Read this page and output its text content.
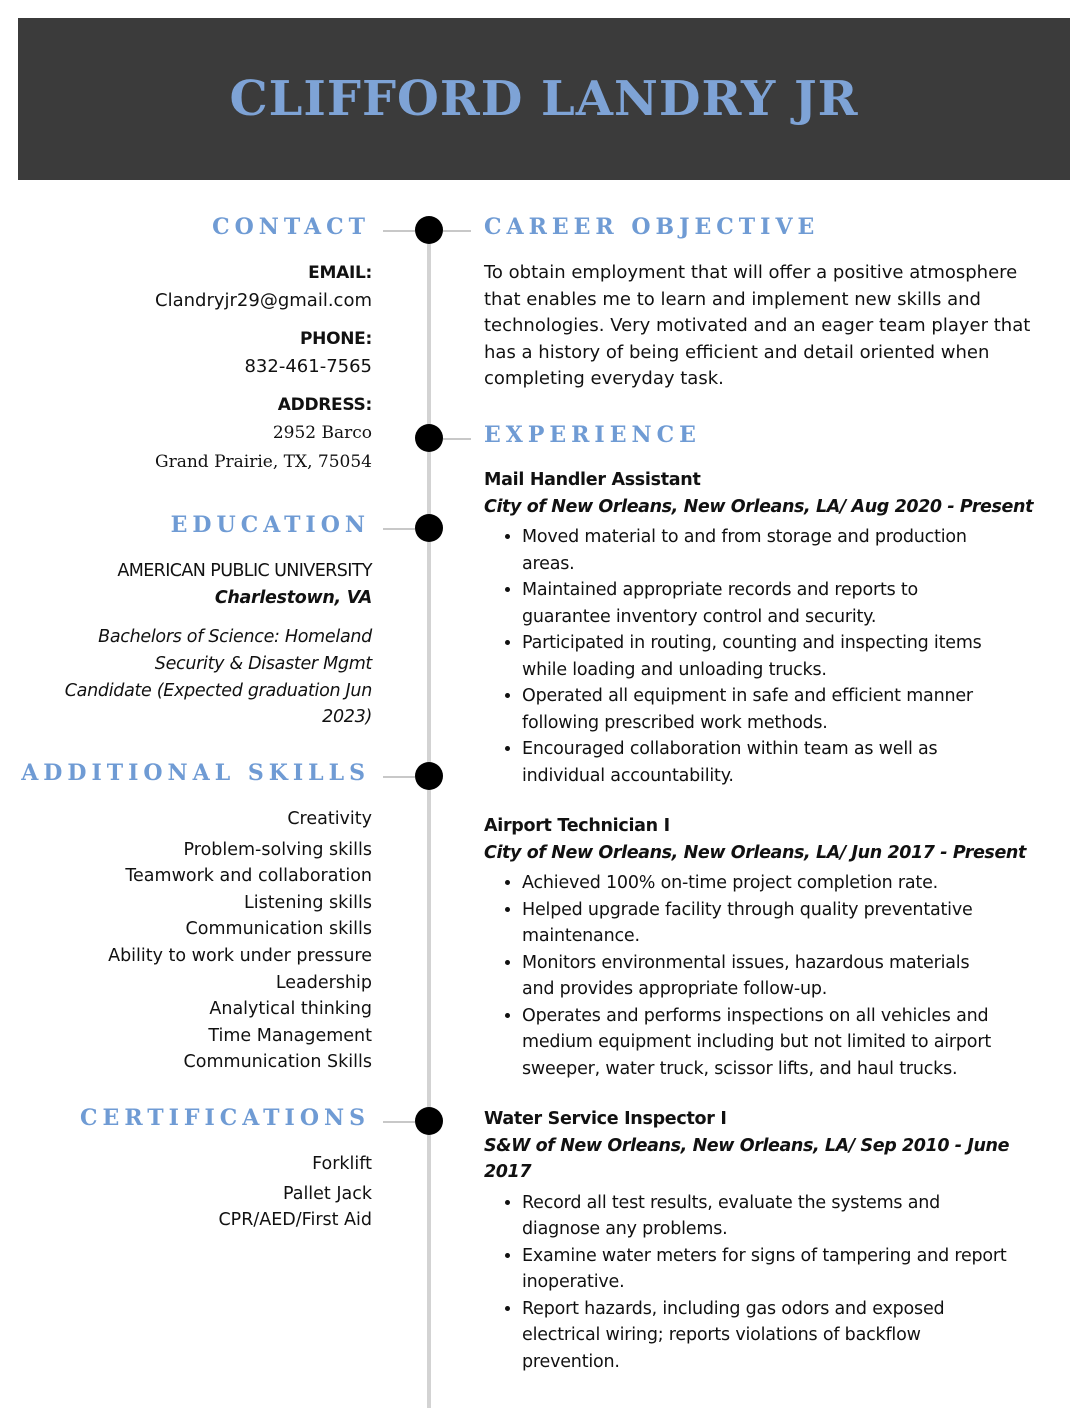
CLIFFORD LANDRY JR
CONTACT
EMAIL:
Clandryjr29@gmail.com
PHONE:
832-461-7565
ADDRESS:
2952 Barco
Grand Prairie, TX, 75054
EDUCATION
AMERICAN PUBLIC UNIVERSITY
Charlestown, VA
Bachelors of Science: Homeland
Security & Disaster Mgmt
Candidate (Expected graduation Jun
2023)
ADDITIONAL SKILLS
Creativity
Problem-solving skills
Teamwork and collaboration
Listening skills
Communication skills
Ability to work under pressure
Leadership
Analytical thinking
Time Management
Communication Skills
CERTIFICATIONS
Forklift
Pallet Jack
CPR/AED/First Aid
CAREER OBJECTIVE
To obtain employment that will offer a positive atmosphere
that enables me to learn and implement new skills and
technologies. Very motivated and an eager team player that
has a history of being efficient and detail oriented when
completing everyday task.
EXPERIENCE
Mail Handler Assistant
City of New Orleans, New Orleans, LA/ Aug 2020 - Present
• Moved material to and from storage and production
areas.
• Maintained appropriate records and reports to
guarantee inventory control and security.
• Participated in routing, counting and inspecting items
while loading and unloading trucks.
• Operated all equipment in safe and efficient manner
following prescribed work methods.
• Encouraged collaboration within team as well as
individual accountability.
Airport Technician I
City of New Orleans, New Orleans, LA/ Jun 2017 - Present
• Achieved 100% on-time project completion rate.
• Helped upgrade facility through quality preventative
maintenance.
• Monitors environmental issues, hazardous materials
and provides appropriate follow-up.
• Operates and performs inspections on all vehicles and
medium equipment including but not limited to airport
sweeper, water truck, scissor lifts, and haul trucks.
Water Service Inspector I
S&W of New Orleans, New Orleans, LA/ Sep 2010 - June 2017
• Record all test results, evaluate the systems and
diagnose any problems.
• Examine water meters for signs of tampering and report
inoperative.
• Report hazards, including gas odors and exposed
electrical wiring; reports violations of backflow
prevention.
